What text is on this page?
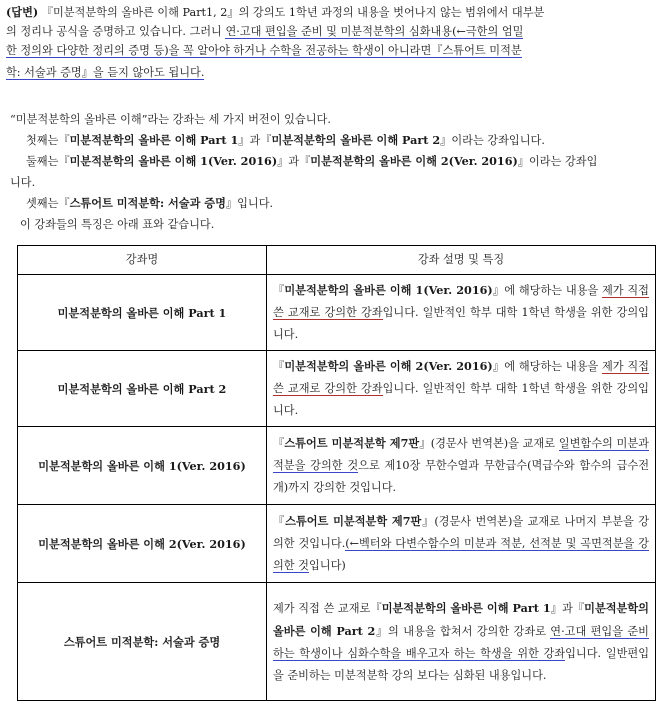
(답변) 『미분적분학의 올바른 이해 Part1, 2』의 강의도 1학년 과정의 내용을 벗어나지 않는 범위에서 대부분
의 정리나 공식을 증명하고 있습니다. 그러니 연·고대 편입을 준비 및 미분적분학의 심화내용(←극한의 엄밀
한 정의와 다양한 정리의 증명 등)을 꼭 알아야 하거나 수학을 전공하는 학생이 아니라면『스튜어트 미적분
학: 서술과 증명』을 듣지 않아도 됩니다.
“미분적분학의 올바른 이해”라는 강좌는 세 가지 버전이 있습니다.
첫째는『미분적분학의 올바른 이해 Part 1』과『미분적분학의 올바른 이해 Part 2』이라는 강좌입니다.
둘째는『미분적분학의 올바른 이해 1(Ver. 2016)』과『미분적분학의 올바른 이해 2(Ver. 2016)』이라는 강좌입
니다.
셋째는『스튜어트 미적분학: 서술과 증명』입니다.
이 강좌들의 특징은 아래 표와 같습니다.
강좌명	강좌 설명 및 특징
미분적분학의 올바른 이해 Part 1	『미분적분학의 올바른 이해 1(Ver. 2016)』에 해당하는 내용을 제가 직접 쓴 교재로 강의한 강좌입니다. 일반적인 학부 대학 1학년 학생을 위한 강의입니다.
미분적분학의 올바른 이해 Part 2	『미분적분학의 올바른 이해 2(Ver. 2016)』에 해당하는 내용을 제가 직접 쓴 교재로 강의한 강좌입니다. 일반적인 학부 대학 1학년 학생을 위한 강의입니다.
미분적분학의 올바른 이해 1(Ver. 2016)	『스튜어트 미분적분학 제7판』(경문사 번역본)을 교재로 일변함수의 미분과 적분을 강의한 것으로 제10장 무한수열과 무한급수(멱급수와 함수의 급수전개)까지 강의한 것입니다.
미분적분학의 올바른 이해 2(Ver. 2016)	『스튜어트 미분적분학 제7판』(경문사 번역본)을 교재로 나머지 부분을 강의한 것입니다.(←벡터와 다변수함수의 미분과 적분, 선적분 및 곡면적분을 강의한 것입니다)
스튜어트 미적분학: 서술과 증명	제가 직접 쓴 교재로『미분적분학의 올바른 이해 Part 1』과『미분적분학의 올바른 이해 Part 2』의 내용을 합쳐서 강의한 강좌로 연·고대 편입을 준비하는 학생이나 심화수학을 배우고자 하는 학생을 위한 강좌입니다. 일반편입을 준비하는 미분적분학 강의 보다는 심화된 내용입니다.
